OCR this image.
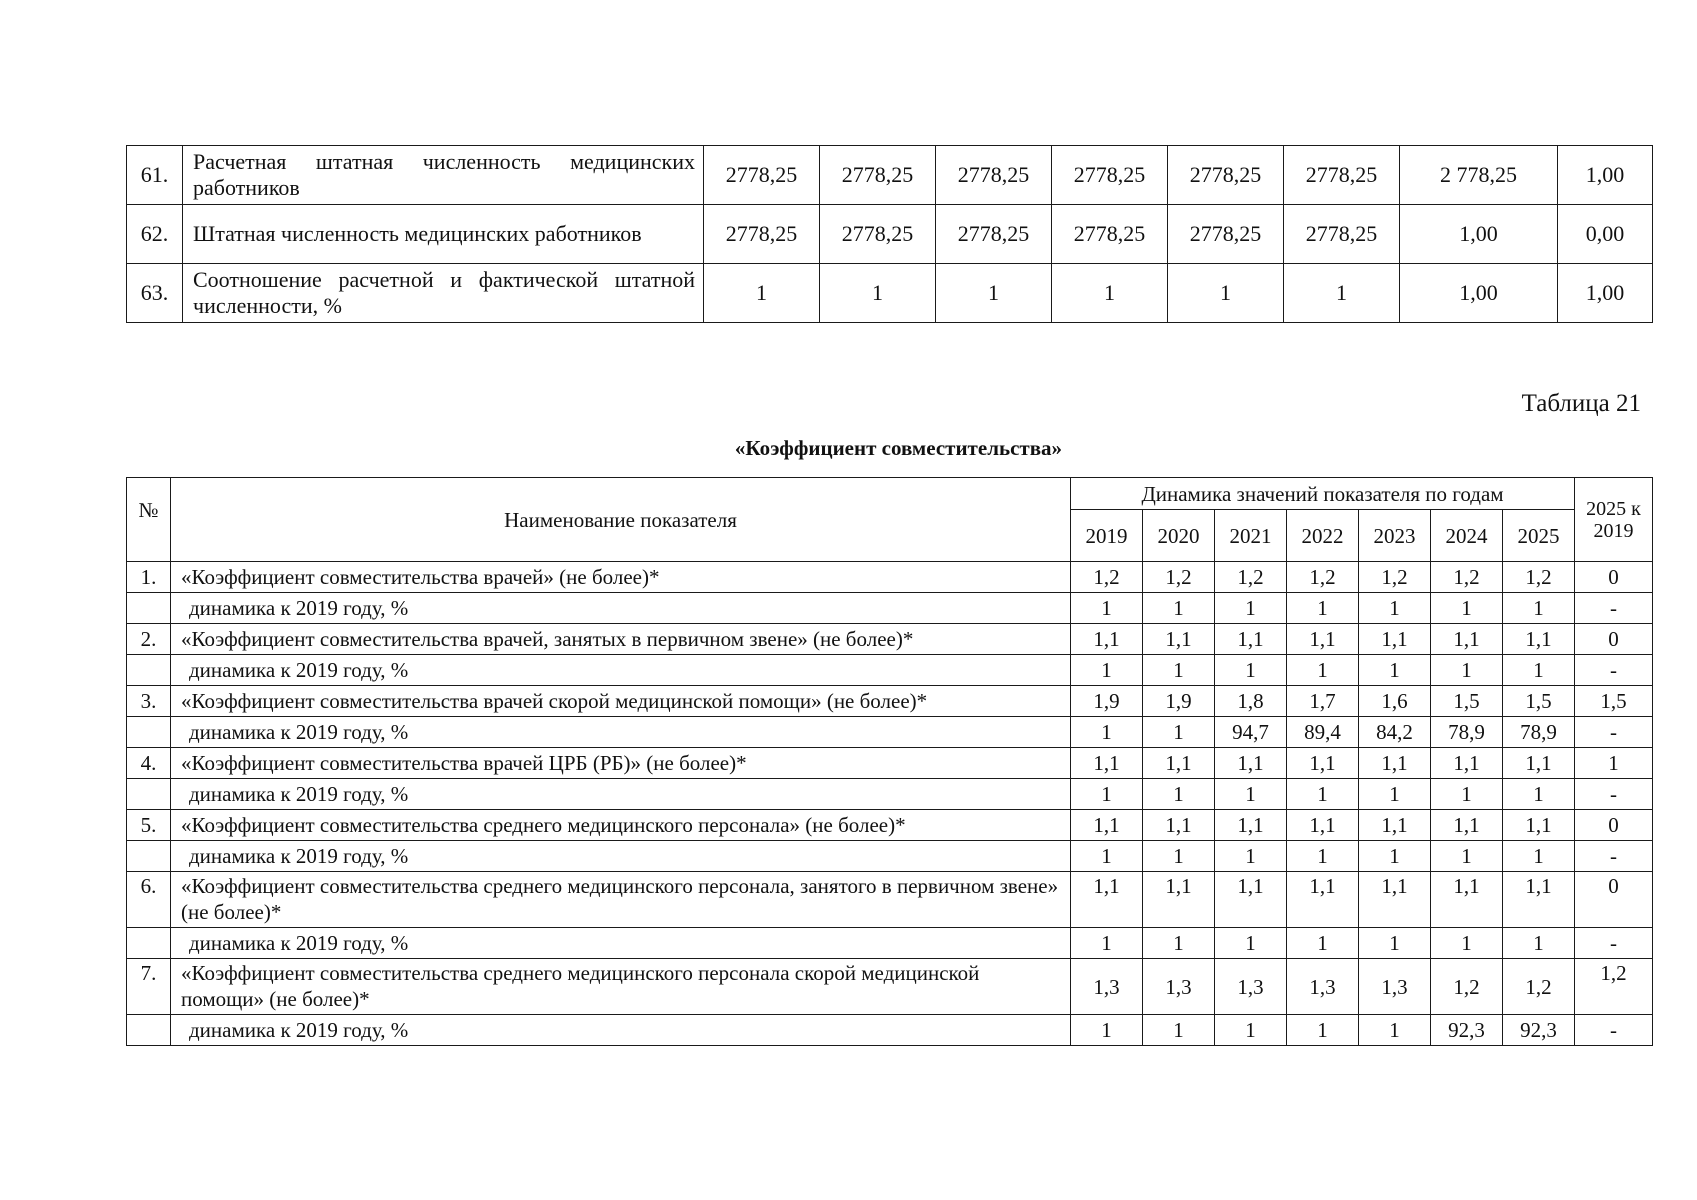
61.	Расчетная штатная численность медицинских работников	2778,25	2778,25	2778,25	2778,25	2778,25	2778,25	2 778,25	1,00
62.	Штатная численность медицинских работников	2778,25	2778,25	2778,25	2778,25	2778,25	2778,25	1,00	0,00
63.	Соотношение расчетной и фактической штатной численности, %	1	1	1	1	1	1	1,00	1,00
Таблица 21
«Коэффициент совместительства»
№	Наименование показателя	Динамика значений показателя по годам							2025 к 2019
		2019	2020	2021	2022	2023	2024	2025	
1.	«Коэффициент совместительства врачей» (не более)*	1,2	1,2	1,2	1,2	1,2	1,2	1,2	0
	динамика к 2019 году, %	1	1	1	1	1	1	1	-
2.	«Коэффициент совместительства врачей, занятых в первичном звене» (не более)*	1,1	1,1	1,1	1,1	1,1	1,1	1,1	0
	динамика к 2019 году, %	1	1	1	1	1	1	1	-
3.	«Коэффициент совместительства врачей скорой медицинской помощи» (не более)*	1,9	1,9	1,8	1,7	1,6	1,5	1,5	1,5
	динамика к 2019 году, %	1	1	94,7	89,4	84,2	78,9	78,9	-
4.	«Коэффициент совместительства врачей ЦРБ (РБ)» (не более)*	1,1	1,1	1,1	1,1	1,1	1,1	1,1	1
	динамика к 2019 году, %	1	1	1	1	1	1	1	-
5.	«Коэффициент совместительства среднего медицинского персонала» (не более)*	1,1	1,1	1,1	1,1	1,1	1,1	1,1	0
	динамика к 2019 году, %	1	1	1	1	1	1	1	-
6.	«Коэффициент совместительства среднего медицинского персонала, занятого в первичном звене» (не более)*	1,1	1,1	1,1	1,1	1,1	1,1	1,1	0
	динамика к 2019 году, %	1	1	1	1	1	1	1	-
7.	«Коэффициент совместительства среднего медицинского персонала скорой медицинской помощи» (не более)*	1,3	1,3	1,3	1,3	1,3	1,2	1,2	1,2
	динамика к 2019 году, %	1	1	1	1	1	92,3	92,3	-
